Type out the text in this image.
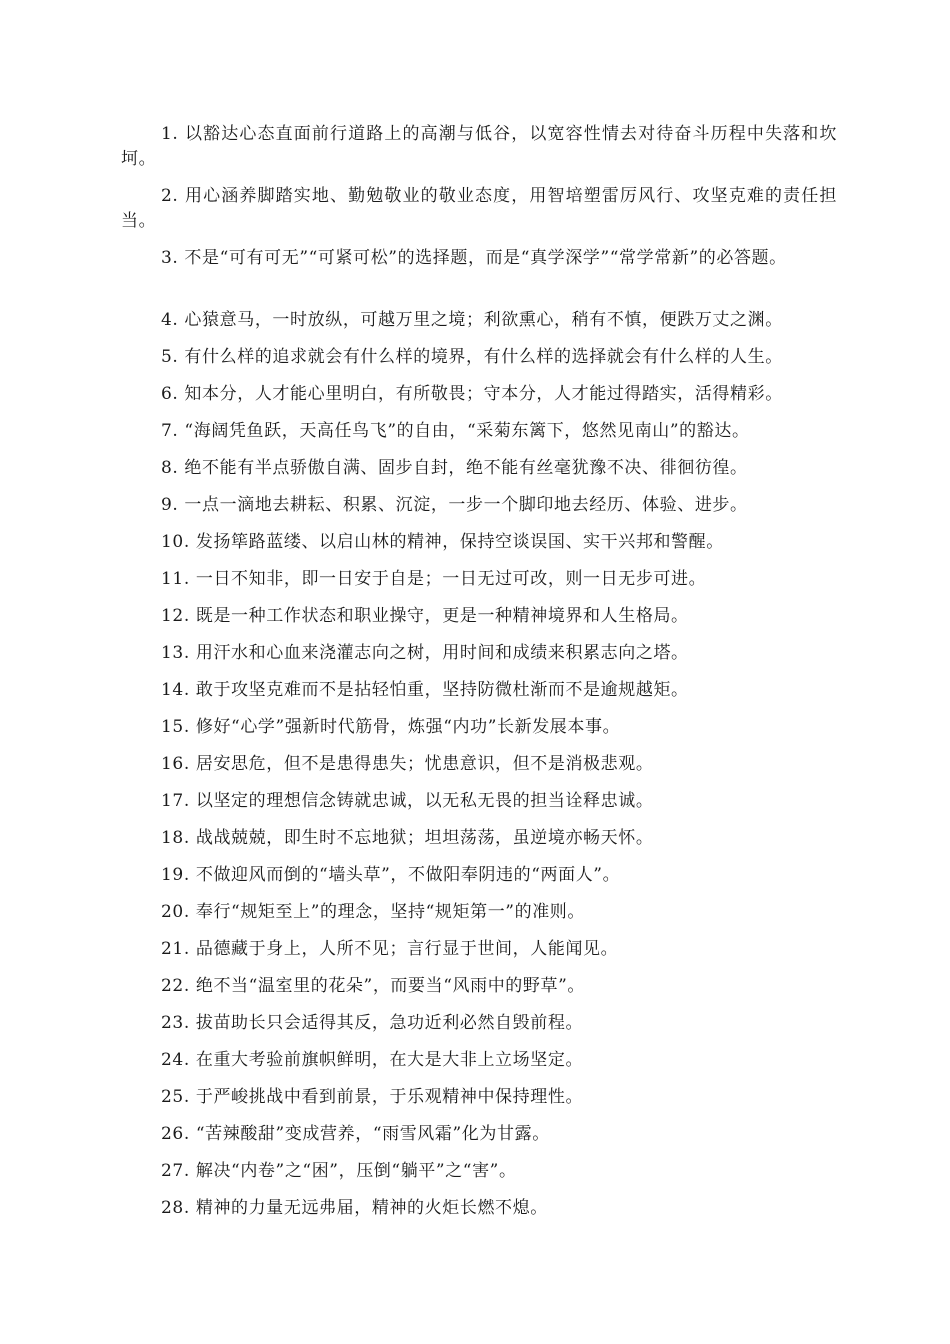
1. 以豁达心态直面前行道路上的高潮与低谷，以宽容性情去对待奋斗历程中失落和坎坷。

2. 用心涵养脚踏实地、勤勉敬业的敬业态度，用智培塑雷厉风行、攻坚克难的责任担当。

3. 不是“可有可无”“可紧可松”的选择题，而是“真学深学”“常学常新”的必答题。

4. 心猿意马，一时放纵，可越万里之境；利欲熏心，稍有不慎，便跌万丈之渊。

5. 有什么样的追求就会有什么样的境界，有什么样的选择就会有什么样的人生。

6. 知本分，人才能心里明白，有所敬畏；守本分，人才能过得踏实，活得精彩。

7. “海阔凭鱼跃，天高任鸟飞”的自由，“采菊东篱下，悠然见南山”的豁达。

8. 绝不能有半点骄傲自满、固步自封，绝不能有丝毫犹豫不决、徘徊彷徨。

9. 一点一滴地去耕耘、积累、沉淀，一步一个脚印地去经历、体验、进步。

10. 发扬筚路蓝缕、以启山林的精神，保持空谈误国、实干兴邦和警醒。

11. 一日不知非，即一日安于自是；一日无过可改，则一日无步可进。

12. 既是一种工作状态和职业操守，更是一种精神境界和人生格局。

13. 用汗水和心血来浇灌志向之树，用时间和成绩来积累志向之塔。

14. 敢于攻坚克难而不是拈轻怕重，坚持防微杜渐而不是逾规越矩。

15. 修好“心学”强新时代筋骨，炼强“内功”长新发展本事。

16. 居安思危，但不是患得患失；忧患意识，但不是消极悲观。

17. 以坚定的理想信念铸就忠诚，以无私无畏的担当诠释忠诚。

18. 战战兢兢，即生时不忘地狱；坦坦荡荡，虽逆境亦畅天怀。

19. 不做迎风而倒的“墙头草”，不做阳奉阴违的“两面人”。

20. 奉行“规矩至上”的理念，坚持“规矩第一”的准则。

21. 品德藏于身上，人所不见；言行显于世间，人能闻见。

22. 绝不当“温室里的花朵”，而要当“风雨中的野草”。

23. 拔苗助长只会适得其反，急功近利必然自毁前程。

24. 在重大考验前旗帜鲜明，在大是大非上立场坚定。

25. 于严峻挑战中看到前景，于乐观精神中保持理性。

26. “苦辣酸甜”变成营养，“雨雪风霜”化为甘露。

27. 解决“内卷”之“困”，压倒“躺平”之“害”。

28. 精神的力量无远弗届，精神的火炬长燃不熄。
